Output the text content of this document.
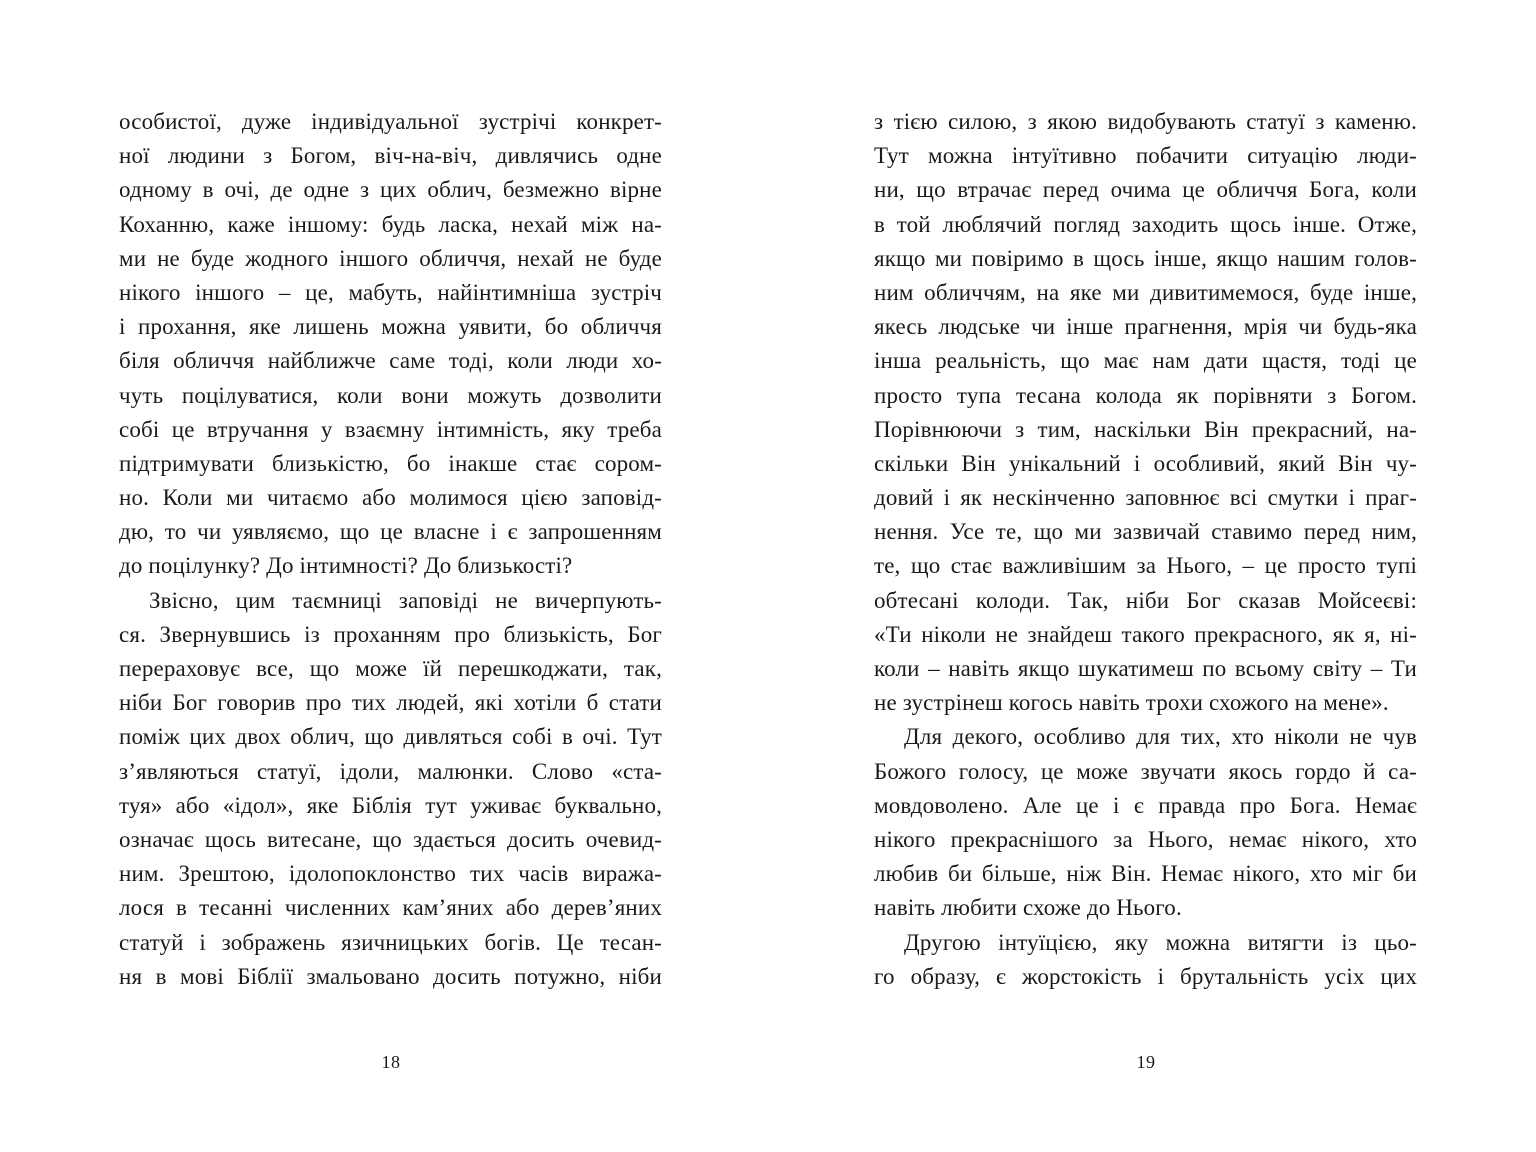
особистої, дуже індивідуальної зустрічі конкрет-
ної людини з Богом, віч-на-віч, дивлячись одне
одному в очі, де одне з цих облич, безмежно вірне
Коханню, каже іншому: будь ласка, нехай між на-
ми не буде жодного іншого обличчя, нехай не буде
нікого іншого – це, мабуть, найінтимніша зустріч
і прохання, яке лишень можна уявити, бо обличчя
біля обличчя найближче саме тоді, коли люди хо-
чуть поцілуватися, коли вони можуть дозволити
собі це втручання у взаємну інтимність, яку треба
підтримувати близькістю, бо інакше стає сором-
но. Коли ми читаємо або молимося цією заповід-
дю, то чи уявляємо, що це власне і є запрошенням
до поцілунку? До інтимності? До близькості?
Звісно, цим таємниці заповіді не вичерпують-
ся. Звернувшись із проханням про близькість, Бог
перераховує все, що може їй перешкоджати, так,
ніби Бог говорив про тих людей, які хотіли б стати
поміж цих двох облич, що дивляться собі в очі. Тут
з’являються статуї, ідоли, малюнки. Слово «ста-
туя» або «ідол», яке Біблія тут уживає буквально,
означає щось витесане, що здається досить очевид-
ним. Зрештою, ідолопоклонство тих часів виража-
лося в тесанні численних кам’яних або дерев’яних
статуй і зображень язичницьких богів. Це тесан-
ня в мові Біблії змальовано досить потужно, ніби
18
з тією силою, з якою видобувають статуї з каменю.
Тут можна інтуїтивно побачити ситуацію люди-
ни, що втрачає перед очима це обличчя Бога, коли
в той люблячий погляд заходить щось інше. Отже,
якщо ми повіримо в щось інше, якщо нашим голов-
ним обличчям, на яке ми дивитимемося, буде інше,
якесь людське чи інше прагнення, мрія чи будь-яка
інша реальність, що має нам дати щастя, тоді це
просто тупа тесана колода як порівняти з Богом.
Порівнюючи з тим, наскільки Він прекрасний, на-
скільки Він унікальний і особливий, який Він чу-
довий і як нескінченно заповнює всі смутки і праг-
нення. Усе те, що ми зазвичай ставимо перед ним,
те, що стає важливішим за Нього, – це просто тупі
обтесані колоди. Так, ніби Бог сказав Мойсеєві:
«Ти ніколи не знайдеш такого прекрасного, як я, ні-
коли – навіть якщо шукатимеш по всьому світу – Ти
не зустрінеш когось навіть трохи схожого на мене».
Для декого, особливо для тих, хто ніколи не чув
Божого голосу, це може звучати якось гордо й са-
мовдоволено. Але це і є правда про Бога. Немає
нікого прекраснішого за Нього, немає нікого, хто
любив би більше, ніж Він. Немає нікого, хто міг би
навіть любити схоже до Нього.
Другою інтуїцією, яку можна витягти із цьо-
го образу, є жорстокість і брутальність усіх цих
19
